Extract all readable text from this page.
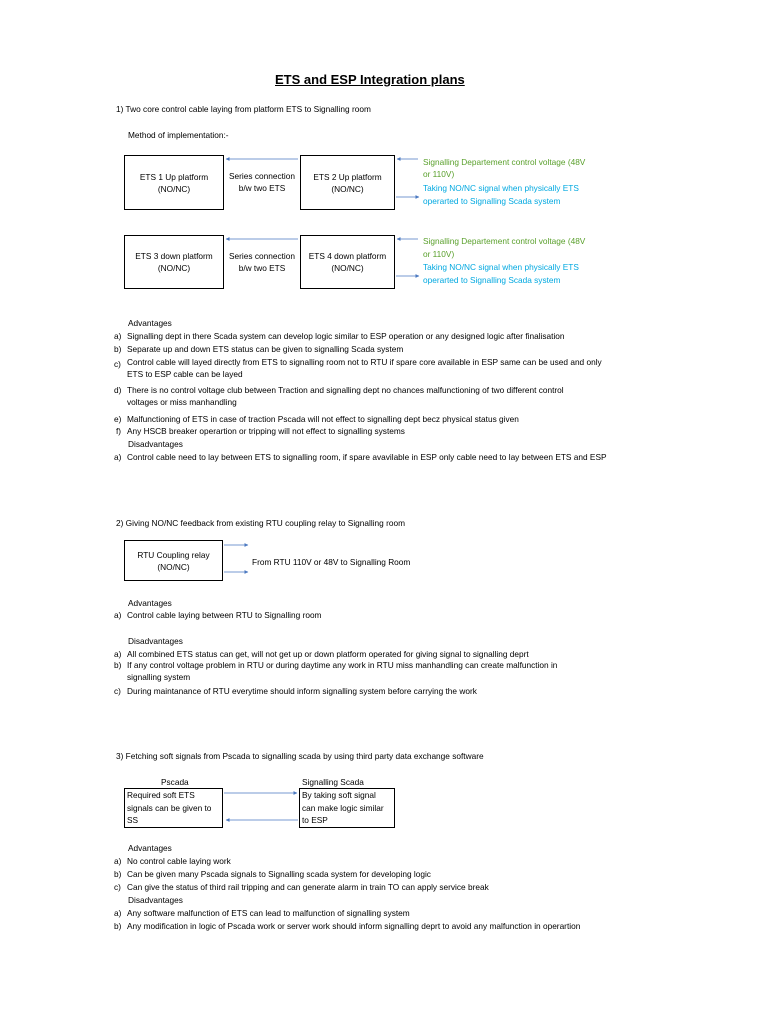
ETS and ESP Integration plans
1) Two core control cable laying from platform ETS to Signalling room
Method of implementation:-
ETS 1 Up platform
(NO/NC)
ETS 2 Up platform
(NO/NC)
Series connection
b/w two ETS
Signalling Departement control voltage (48V
or 110V)
Taking NO/NC signal when physically ETS
operarted to Signalling Scada system
ETS 3 down platform
(NO/NC)
ETS 4 down platform
(NO/NC)
Series connection
b/w two ETS
Signalling Departement control voltage (48V
or 110V)
Taking NO/NC signal when physically ETS
operarted to Signalling Scada system
Advantages
a) Signalling dept in there Scada system can develop logic similar to ESP operation or any designed logic after finalisation
b) Separate up and down ETS status can be given to signalling Scada system
c) Control cable will layed directly from ETS to signalling room not to RTU if spare core available in ESP same can be used and only
ETS to ESP cable can be layed
d) There is no control voltage club between Traction and signalling dept no chances malfunctioning of two different control
voltages or miss manhandling
e) Malfunctioning of ETS in case of traction Pscada will not effect to signalling dept becz physical status given
f) Any HSCB breaker operartion or tripping will not effect to signalling systems
Disadvantages
a) Control cable need to lay between ETS to signalling room, if spare avavilable in ESP only cable need to lay between ETS and ESP
2) Giving NO/NC feedback from existing RTU coupling relay to Signalling room
RTU Coupling relay
(NO/NC)	From RTU 110V or 48V to Signalling Room
Advantages
a) Control cable laying between RTU to Signalling room
Disadvantages
a) All combined ETS status can get, will not get up or down platform operated for giving signal to signalling deprt
b) If any control voltage problem in RTU or during daytime any work in RTU miss manhandling can create malfunction in
signalling system
c) During maintanance of RTU everytime should inform signalling system before carrying the work
3) Fetching soft signals from Pscada to signalling scada by using third party data exchange software
Pscada	Signalling Scada
Required soft ETS
signals can be given to
SS
By taking soft signal
can make logic similar
to ESP
Advantages
a) No control cable laying work
b) Can be given many Pscada signals to Signalling scada system for developing logic
c) Can give the status of third rail tripping and can generate alarm in train TO can apply service break
Disadvantages
a) Any software malfunction of ETS can lead to malfunction of signalling system
b) Any modification in logic of Pscada work or server work should inform signalling deprt to avoid any malfunction in operartion
